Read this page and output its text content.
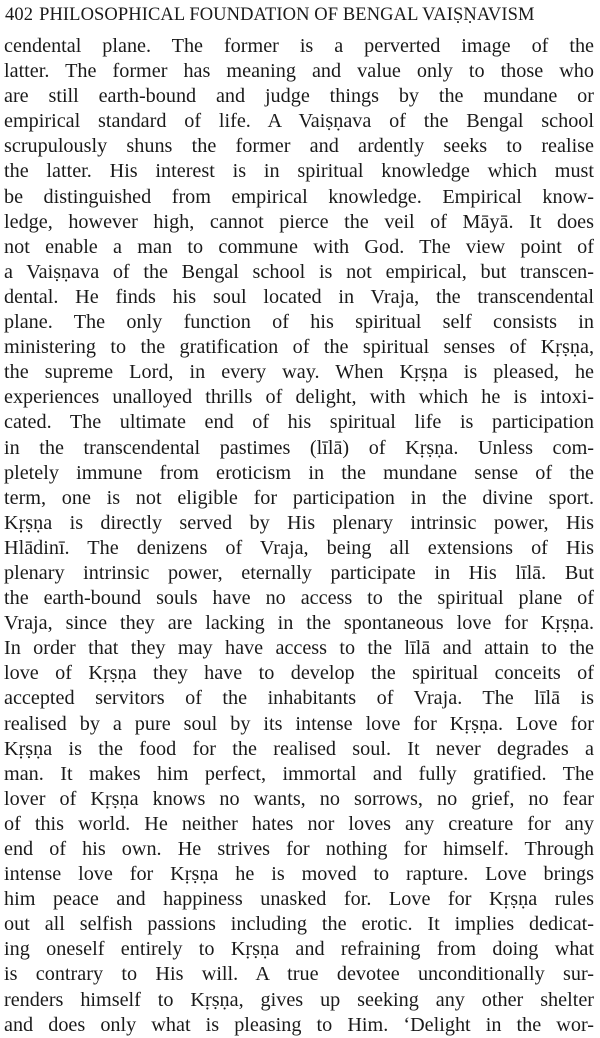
402 PHILOSOPHICAL FOUNDATION OF BENGAL VAIṢṆAVISM
cendental plane. The former is a perverted image of the
latter. The former has meaning and value only to those who
are still earth-bound and judge things by the mundane or
empirical standard of life. A Vaiṣṇava of the Bengal school
scrupulously shuns the former and ardently seeks to realise
the latter. His interest is in spiritual knowledge which must
be distinguished from empirical knowledge. Empirical know-
ledge, however high, cannot pierce the veil of Māyā. It does
not enable a man to commune with God. The view point of
a Vaiṣṇava of the Bengal school is not empirical, but transcen-
dental. He finds his soul located in Vraja, the transcendental
plane. The only function of his spiritual self consists in
ministering to the gratification of the spiritual senses of Kṛṣṇa,
the supreme Lord, in every way. When Kṛṣṇa is pleased, he
experiences unalloyed thrills of delight, with which he is intoxi-
cated. The ultimate end of his spiritual life is participation
in the transcendental pastimes (līlā) of Kṛṣṇa. Unless com-
pletely immune from eroticism in the mundane sense of the
term, one is not eligible for participation in the divine sport.
Kṛṣṇa is directly served by His plenary intrinsic power, His
Hlādinī. The denizens of Vraja, being all extensions of His
plenary intrinsic power, eternally participate in His līlā. But
the earth-bound souls have no access to the spiritual plane of
Vraja, since they are lacking in the spontaneous love for Kṛṣṇa.
In order that they may have access to the līlā and attain to the
love of Kṛṣṇa they have to develop the spiritual conceits of
accepted servitors of the inhabitants of Vraja. The līlā is
realised by a pure soul by its intense love for Kṛṣṇa. Love for
Kṛṣṇa is the food for the realised soul. It never degrades a
man. It makes him perfect, immortal and fully gratified. The
lover of Kṛṣṇa knows no wants, no sorrows, no grief, no fear
of this world. He neither hates nor loves any creature for any
end of his own. He strives for nothing for himself. Through
intense love for Kṛṣṇa he is moved to rapture. Love brings
him peace and happiness unasked for. Love for Kṛṣṇa rules
out all selfish passions including the erotic. It implies dedicat-
ing oneself entirely to Kṛṣṇa and refraining from doing what
is contrary to His will. A true devotee unconditionally sur-
renders himself to Kṛṣṇa, gives up seeking any other shelter
and does only what is pleasing to Him. ‘Delight in the wor-
